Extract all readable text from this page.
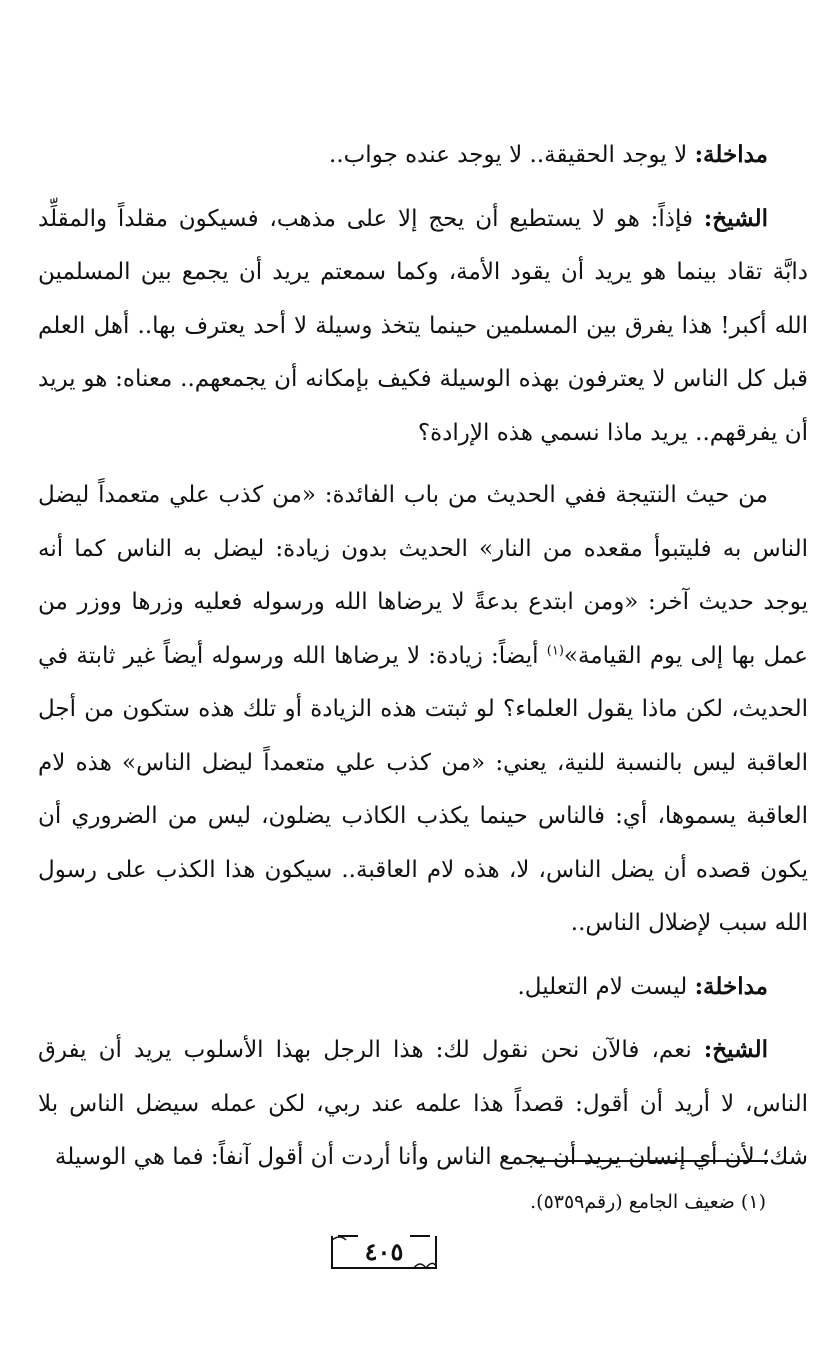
مداخلة: لا يوجد الحقيقة.. لا يوجد عنده جواب..

الشيخ: فإذاً: هو لا يستطيع أن يحج إلا على مذهب، فسيكون مقلداً والمقلِّد دابَّة تقاد بينما هو يريد أن يقود الأمة، وكما سمعتم يريد أن يجمع بين المسلمين الله أكبر! هذا يفرق بين المسلمين حينما يتخذ وسيلة لا أحد يعترف بها.. أهل العلم قبل كل الناس لا يعترفون بهذه الوسيلة فكيف بإمكانه أن يجمعهم.. معناه: هو يريد أن يفرقهم.. يريد ماذا نسمي هذه الإرادة؟

من حيث النتيجة ففي الحديث من باب الفائدة: «من كذب علي متعمداً ليضل الناس به فليتبوأ مقعده من النار» الحديث بدون زيادة: ليضل به الناس كما أنه يوجد حديث آخر: «ومن ابتدع بدعةً لا يرضاها الله ورسوله فعليه وزرها ووزر من عمل بها إلى يوم القيامة»$^{(١)}$ أيضاً: زيادة: لا يرضاها الله ورسوله أيضاً غير ثابتة في الحديث، لكن ماذا يقول العلماء؟ لو ثبتت هذه الزيادة أو تلك هذه ستكون من أجل العاقبة ليس بالنسبة للنية، يعني: «من كذب علي متعمداً ليضل الناس» هذه لام العاقبة يسموها، أي: فالناس حينما يكذب الكاذب يضلون، ليس من الضروري أن يكون قصده أن يضل الناس، لا، هذه لام العاقبة.. سيكون هذا الكذب على رسول الله سبب لإضلال الناس..

مداخلة: ليست لام التعليل.

الشيخ: نعم، فالآن نحن نقول لك: هذا الرجل بهذا الأسلوب يريد أن يفرق الناس، لا أريد أن أقول: قصداً هذا علمه عند ربي، لكن عمله سيضل الناس بلا شك؛ لأن أي إنسان يريد أن يجمع الناس وأنا أردت أن أقول آنفاً: فما هي الوسيلة

(١) ضعيف الجامع (رقم٥٣٥٩).
٤٠٥
